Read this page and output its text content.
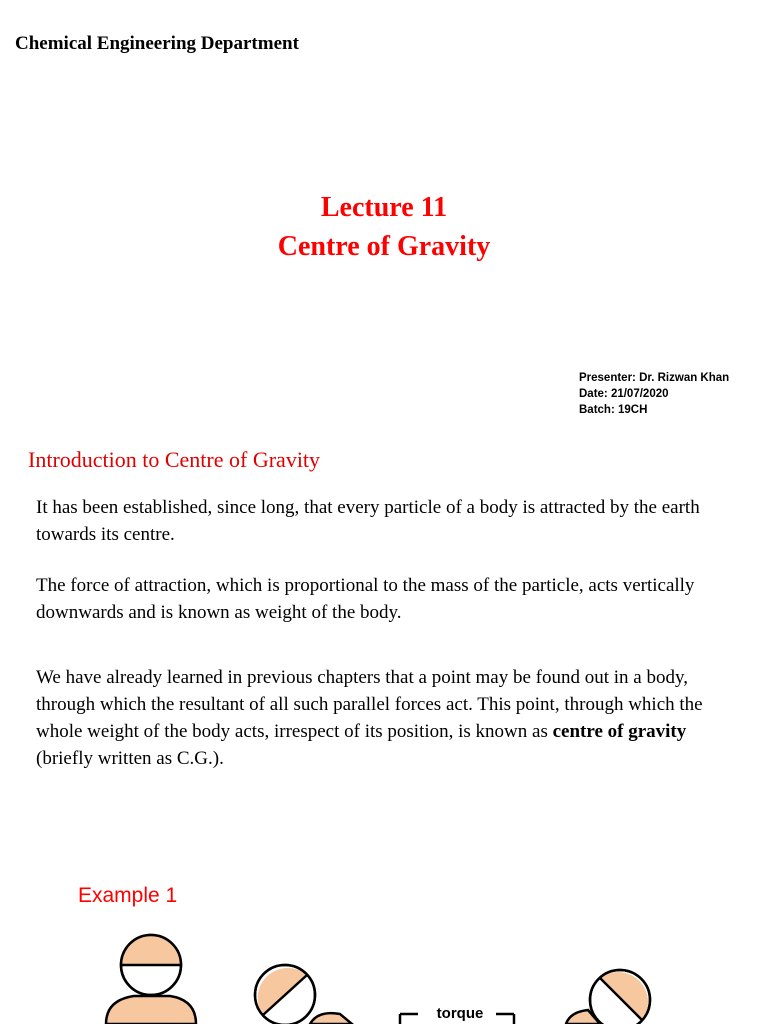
Chemical Engineering Department
Lecture 11
Centre of Gravity
Presenter: Dr. Rizwan Khan
Date: 21/07/2020
Batch: 19CH
Introduction to Centre of Gravity
It has been established, since long, that every particle of a body is attracted by the earth towards its centre.
The force of attraction, which is proportional to the mass of the particle, acts vertically downwards and is known as weight of the body.
We have already learned in previous chapters that a point may be found out in a body, through which the resultant of all such parallel forces act. This point, through which the whole weight of the body acts, irrespect of its position, is known as centre of gravity (briefly written as C.G.).
Example 1
torque
